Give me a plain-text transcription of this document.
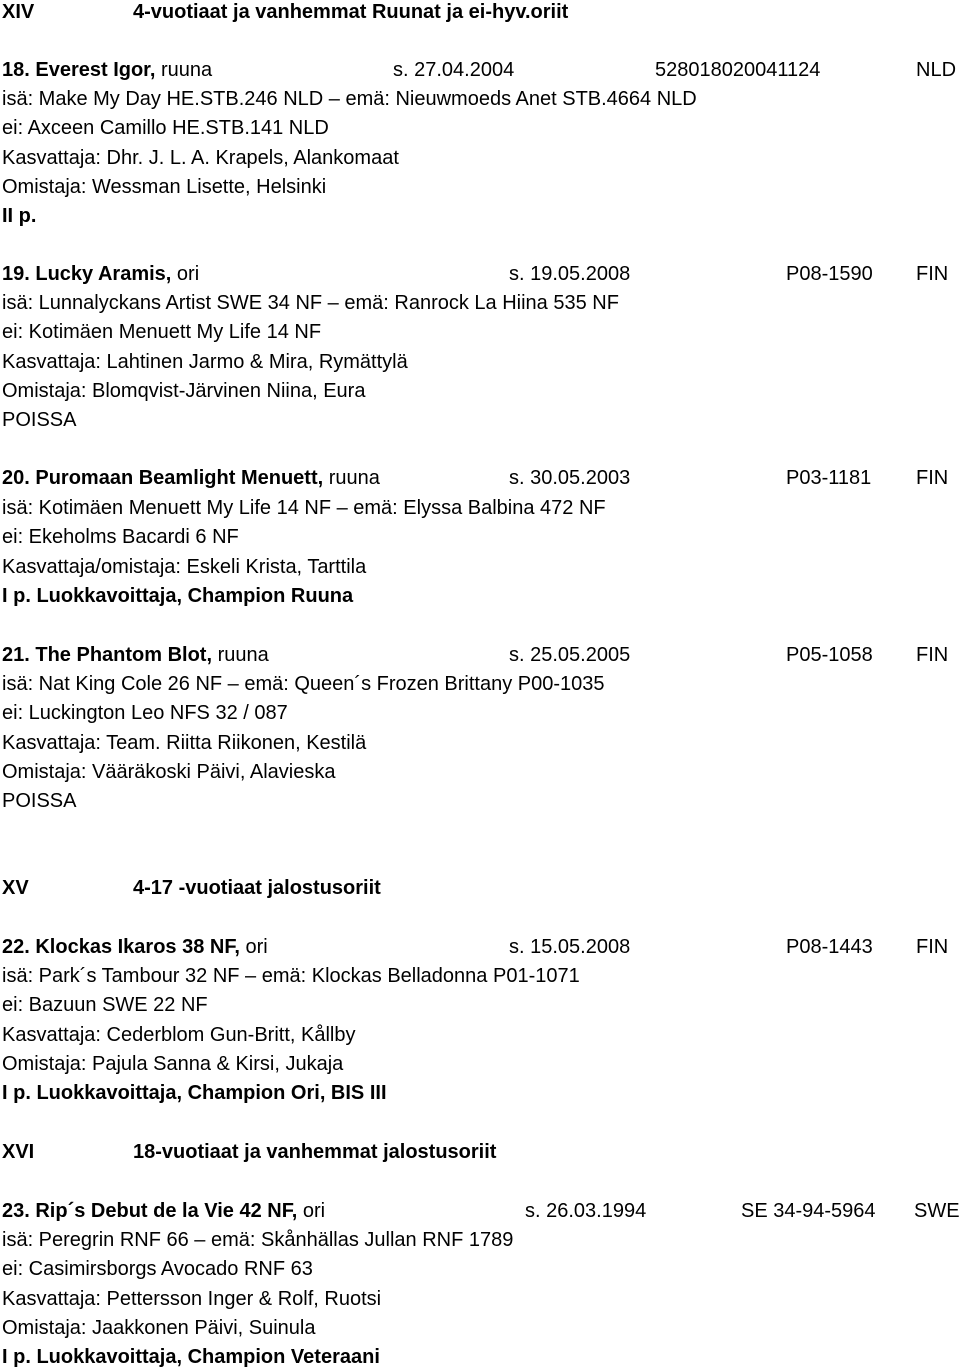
XIV	4-vuotiaat ja vanhemmat Ruunat ja ei-hyv.oriit
18. Everest Igor, ruuna	s. 27.04.2004	528018020041124	NLD
isä: Make My Day HE.STB.246 NLD – emä: Nieuwmoeds Anet STB.4664 NLD
ei: Axceen Camillo HE.STB.141 NLD
Kasvattaja: Dhr. J. L. A. Krapels, Alankomaat
Omistaja: Wessman Lisette, Helsinki
II p.
19. Lucky Aramis, ori	s. 19.05.2008	P08-1590 FIN
isä: Lunnalyckans Artist SWE 34 NF – emä: Ranrock La Hiina 535 NF
ei: Kotimäen Menuett My Life 14 NF
Kasvattaja: Lahtinen Jarmo & Mira, Rymättylä
Omistaja: Blomqvist-Järvinen Niina, Eura
POISSA
20. Puromaan Beamlight Menuett, ruuna	s. 30.05.2003	P03-1181 FIN
isä: Kotimäen Menuett My Life 14 NF – emä: Elyssa Balbina 472 NF
ei: Ekeholms Bacardi 6 NF
Kasvattaja/omistaja: Eskeli Krista, Tarttila
I p. Luokkavoittaja, Champion Ruuna
21. The Phantom Blot, ruuna	s. 25.05.2005	P05-1058 FIN
isä: Nat King Cole 26 NF – emä: Queen´s Frozen Brittany P00-1035
ei: Luckington Leo NFS 32 / 087
Kasvattaja: Team. Riitta Riikonen, Kestilä
Omistaja: Vääräkoski Päivi, Alavieska
POISSA
XV	4-17 -vuotiaat jalostusoriit
22. Klockas Ikaros 38 NF, ori	s. 15.05.2008	P08-1443 FIN
isä: Park´s Tambour 32 NF – emä: Klockas Belladonna P01-1071
ei: Bazuun SWE 22 NF
Kasvattaja: Cederblom Gun-Britt, Kållby
Omistaja: Pajula Sanna & Kirsi, Jukaja
I p. Luokkavoittaja, Champion Ori, BIS III
XVI	18-vuotiaat ja vanhemmat jalostusoriit
23. Rip´s Debut de la Vie 42 NF, ori	s. 26.03.1994	SE 34-94-5964 SWE
isä: Peregrin RNF 66 – emä: Skånhällas Jullan RNF 1789
ei: Casimirsborgs Avocado RNF 63
Kasvattaja: Pettersson Inger & Rolf, Ruotsi
Omistaja: Jaakkonen Päivi, Suinula
I p. Luokkavoittaja, Champion Veteraani
